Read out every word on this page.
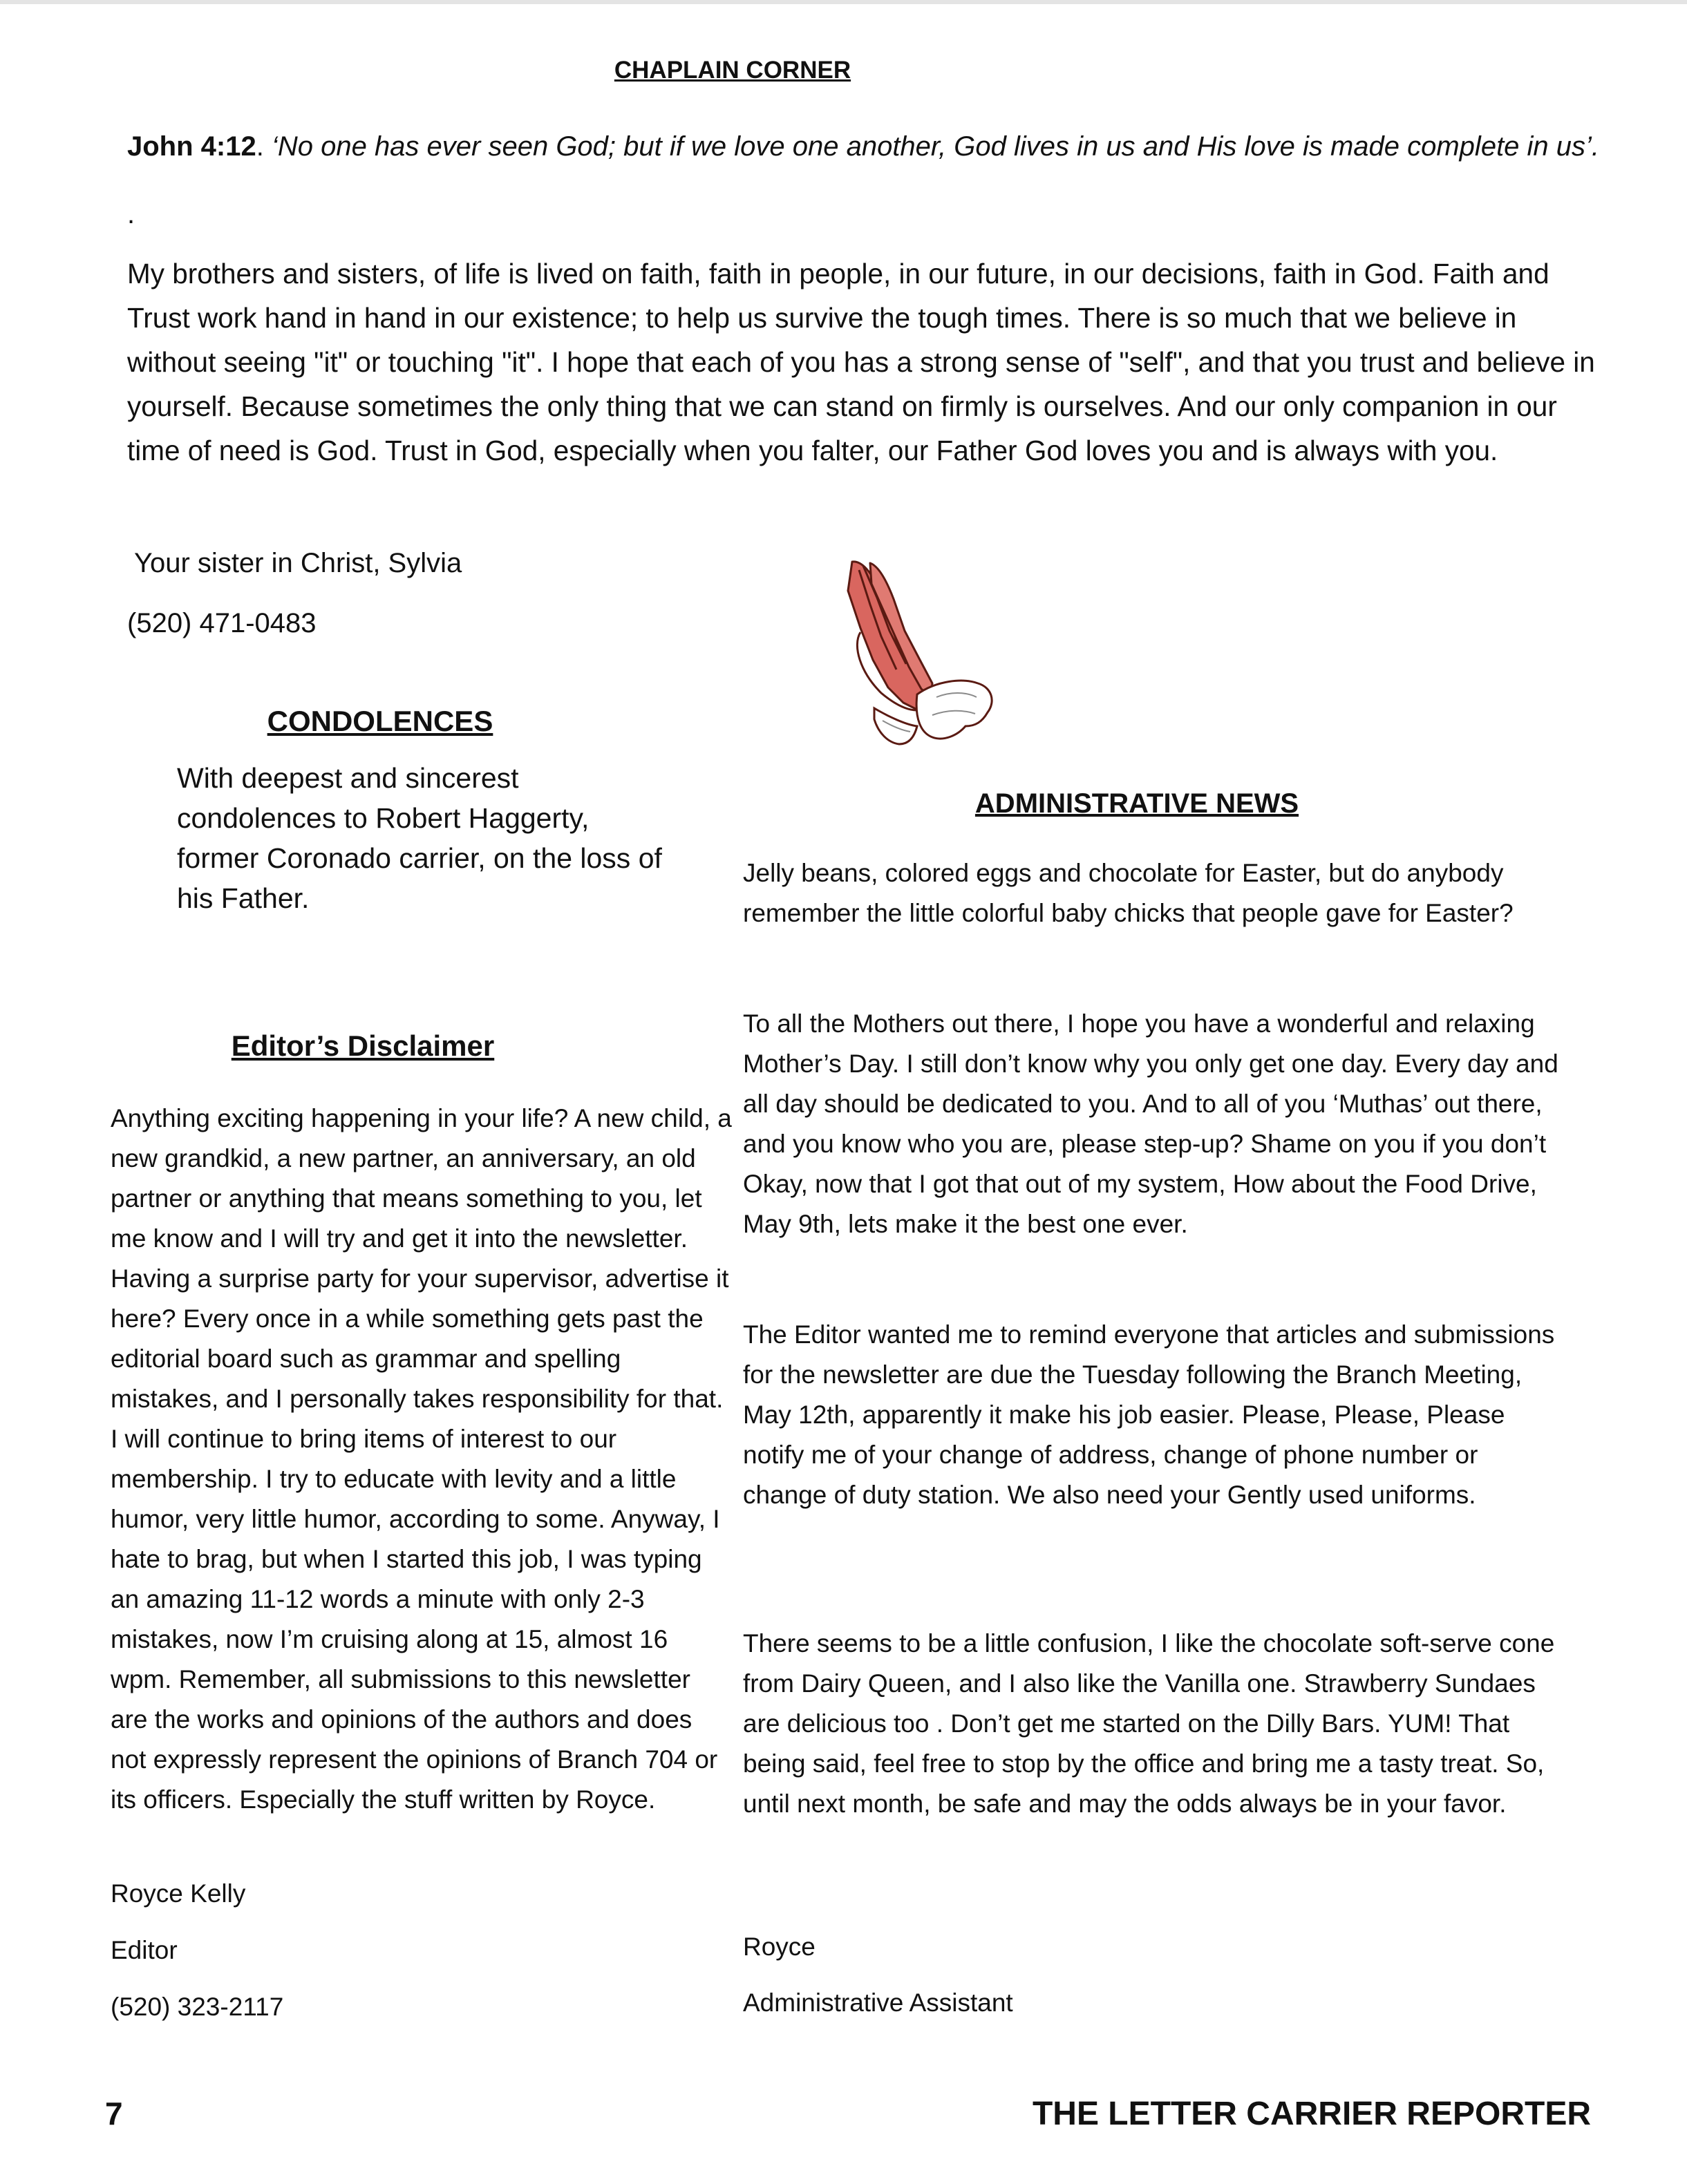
CHAPLAIN CORNER

John 4:12. ‘No one has ever seen God; but if we love one another, God lives in us and His love is made complete in us’.

.

My brothers and sisters, of life is lived on faith, faith in people, in our future, in our decisions, faith in God. Faith and Trust work hand in hand in our existence; to help us survive the tough times. There is so much that we believe in without seeing "it" or touching "it". I hope that each of you has a strong sense of "self", and that you trust and believe in yourself. Because sometimes the only thing that we can stand on firmly is ourselves. And our only companion in our time of need is God. Trust in God, especially when you falter, our Father God loves you and is always with you.

Your sister in Christ, Sylvia

(520) 471-0483

CONDOLENCES

With deepest and sincerest condolences to Robert Haggerty, former Coronado carrier, on the loss of his Father.

ADMINISTRATIVE NEWS

Jelly beans, colored eggs and chocolate for Easter, but do anybody remember the little colorful baby chicks that people gave for Easter?

To all the Mothers out there, I hope you have a wonderful and relaxing Mother’s Day. I still don’t know why you only get one day. Every day and all day should be dedicated to you. And to all of you ‘Muthas’ out there, and you know who you are, please step-up? Shame on you if you don’t Okay, now that I got that out of my system, How about the Food Drive, May 9th, lets make it the best one ever.

The Editor wanted me to remind everyone that articles and submissions for the newsletter are due the Tuesday following the Branch Meeting, May 12th, apparently it make his job easier. Please, Please, Please notify me of your change of address, change of phone number or change of duty station. We also need your Gently used uniforms.

There seems to be a little confusion, I like the chocolate soft-serve cone from Dairy Queen, and I also like the Vanilla one. Strawberry Sundaes are delicious too . Don’t get me started on the Dilly Bars. YUM! That being said, feel free to stop by the office and bring me a tasty treat. So, until next month, be safe and may the odds always be in your favor.

Royce

Administrative Assistant

Editor’s Disclaimer

Anything exciting happening in your life? A new child, a new grandkid, a new partner, an anniversary, an old partner or anything that means something to you, let me know and I will try and get it into the newsletter. Having a surprise party for your supervisor, advertise it here? Every once in a while something gets past the editorial board such as grammar and spelling mistakes, and I personally takes responsibility for that. I will continue to bring items of interest to our membership. I try to educate with levity and a little humor, very little humor, according to some. Anyway, I hate to brag, but when I started this job, I was typing an amazing 11-12 words a minute with only 2-3 mistakes, now I’m cruising along at 15, almost 16 wpm. Remember, all submissions to this newsletter are the works and opinions of the authors and does not expressly represent the opinions of Branch 704 or its officers. Especially the stuff written by Royce.

Royce Kelly

Editor

(520) 323-2117

7	THE LETTER CARRIER REPORTER
